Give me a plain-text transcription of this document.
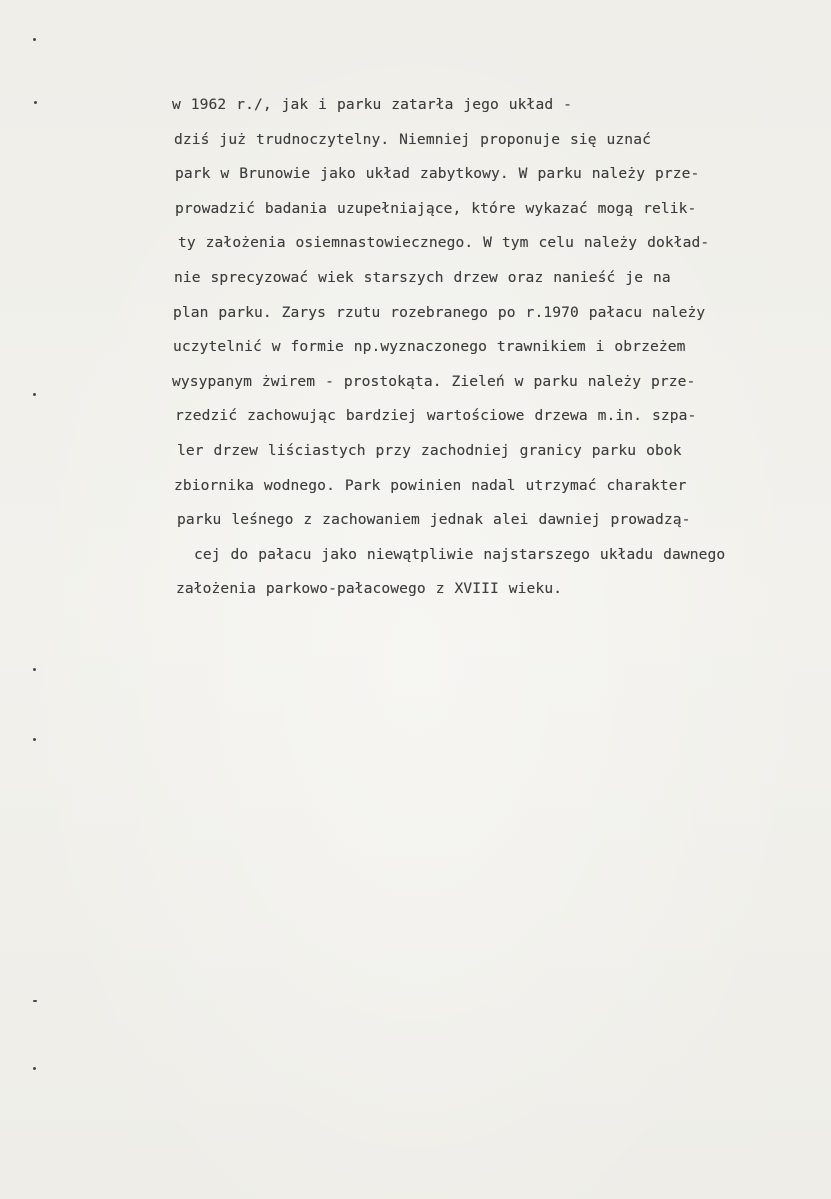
w 1962 r./, jak i parku zatarła jego układ -
dziś już trudnoczytelny. Niemniej proponuje się uznać
park w Brunowie jako układ zabytkowy. W parku należy prze-
prowadzić badania uzupełniające, które wykazać mogą relik-
ty założenia osiemnastowiecznego. W tym celu należy dokład-
nie sprecyzować wiek starszych drzew oraz nanieść je na
plan parku. Zarys rzutu rozebranego po r.1970 pałacu należy
uczytelnić w formie np.wyznaczonego trawnikiem i obrzeżem
wysypanym żwirem - prostokąta. Zieleń w parku należy prze-
rzedzić zachowując bardziej wartościowe drzewa m.in. szpa-
ler drzew liściastych przy zachodniej granicy parku obok
zbiornika wodnego. Park powinien nadal utrzymać charakter
parku leśnego z zachowaniem jednak alei dawniej prowadzą-
cej do pałacu jako niewątpliwie najstarszego układu dawnego
założenia parkowo-pałacowego z XVIII wieku.
